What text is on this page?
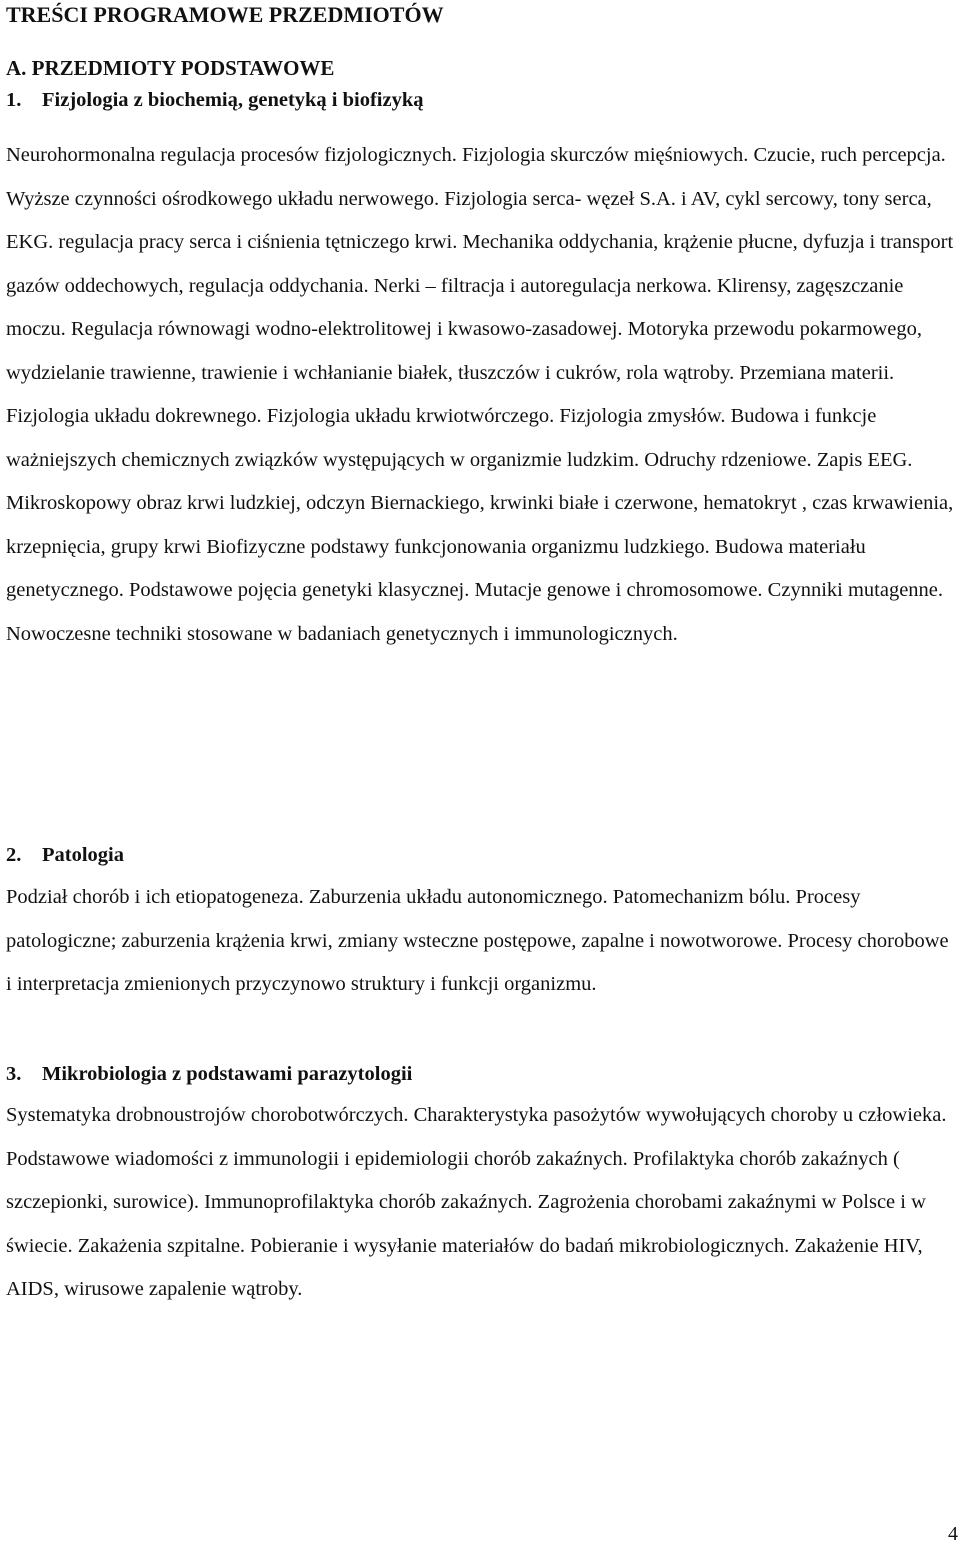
TREŚCI PROGRAMOWE PRZEDMIOTÓW
A. PRZEDMIOTY PODSTAWOWE
1. Fizjologia z biochemią, genetyką i biofizyką

Neurohormonalna regulacja procesów fizjologicznych. Fizjologia skurczów mięśniowych. Czucie, ruch percepcja. Wyższe czynności ośrodkowego układu nerwowego. Fizjologia serca- węzeł S.A. i AV, cykl sercowy, tony serca, EKG. regulacja pracy serca i ciśnienia tętniczego krwi. Mechanika oddychania, krążenie płucne, dyfuzja i transport gazów oddechowych, regulacja oddychania. Nerki – filtracja i autoregulacja nerkowa. Klirensy, zagęszczanie moczu. Regulacja równowagi wodno-elektrolitowej i kwasowo-zasadowej. Motoryka przewodu pokarmowego, wydzielanie trawienne, trawienie i wchłanianie białek, tłuszczów i cukrów, rola wątroby. Przemiana materii. Fizjologia układu dokrewnego. Fizjologia układu krwiotwórczego. Fizjologia zmysłów. Budowa i funkcje ważniejszych chemicznych związków występujących w organizmie ludzkim. Odruchy rdzeniowe. Zapis EEG. Mikroskopowy obraz krwi ludzkiej, odczyn Biernackiego, krwinki białe i czerwone, hematokryt , czas krwawienia, krzepnięcia, grupy krwi Biofizyczne podstawy funkcjonowania organizmu ludzkiego. Budowa materiału genetycznego. Podstawowe pojęcia genetyki klasycznej. Mutacje genowe i chromosomowe. Czynniki mutagenne. Nowoczesne techniki stosowane w badaniach genetycznych i immunologicznych.

2. Patologia

Podział chorób i ich etiopatogeneza. Zaburzenia układu autonomicznego. Patomechanizm bólu. Procesy patologiczne; zaburzenia krążenia krwi, zmiany wsteczne postępowe, zapalne i nowotworowe. Procesy chorobowe i interpretacja zmienionych przyczynowo struktury i funkcji organizmu.

3. Mikrobiologia z podstawami parazytologii

Systematyka drobnoustrojów chorobotwórczych. Charakterystyka pasożytów wywołujących choroby u człowieka. Podstawowe wiadomości z immunologii i epidemiologii chorób zakaźnych. Profilaktyka chorób zakaźnych ( szczepionki, surowice). Immunoprofilaktyka chorób zakaźnych. Zagrożenia chorobami zakaźnymi w Polsce i w świecie. Zakażenia szpitalne. Pobieranie i wysyłanie materiałów do badań mikrobiologicznych. Zakażenie HIV, AIDS, wirusowe zapalenie wątroby.

4
